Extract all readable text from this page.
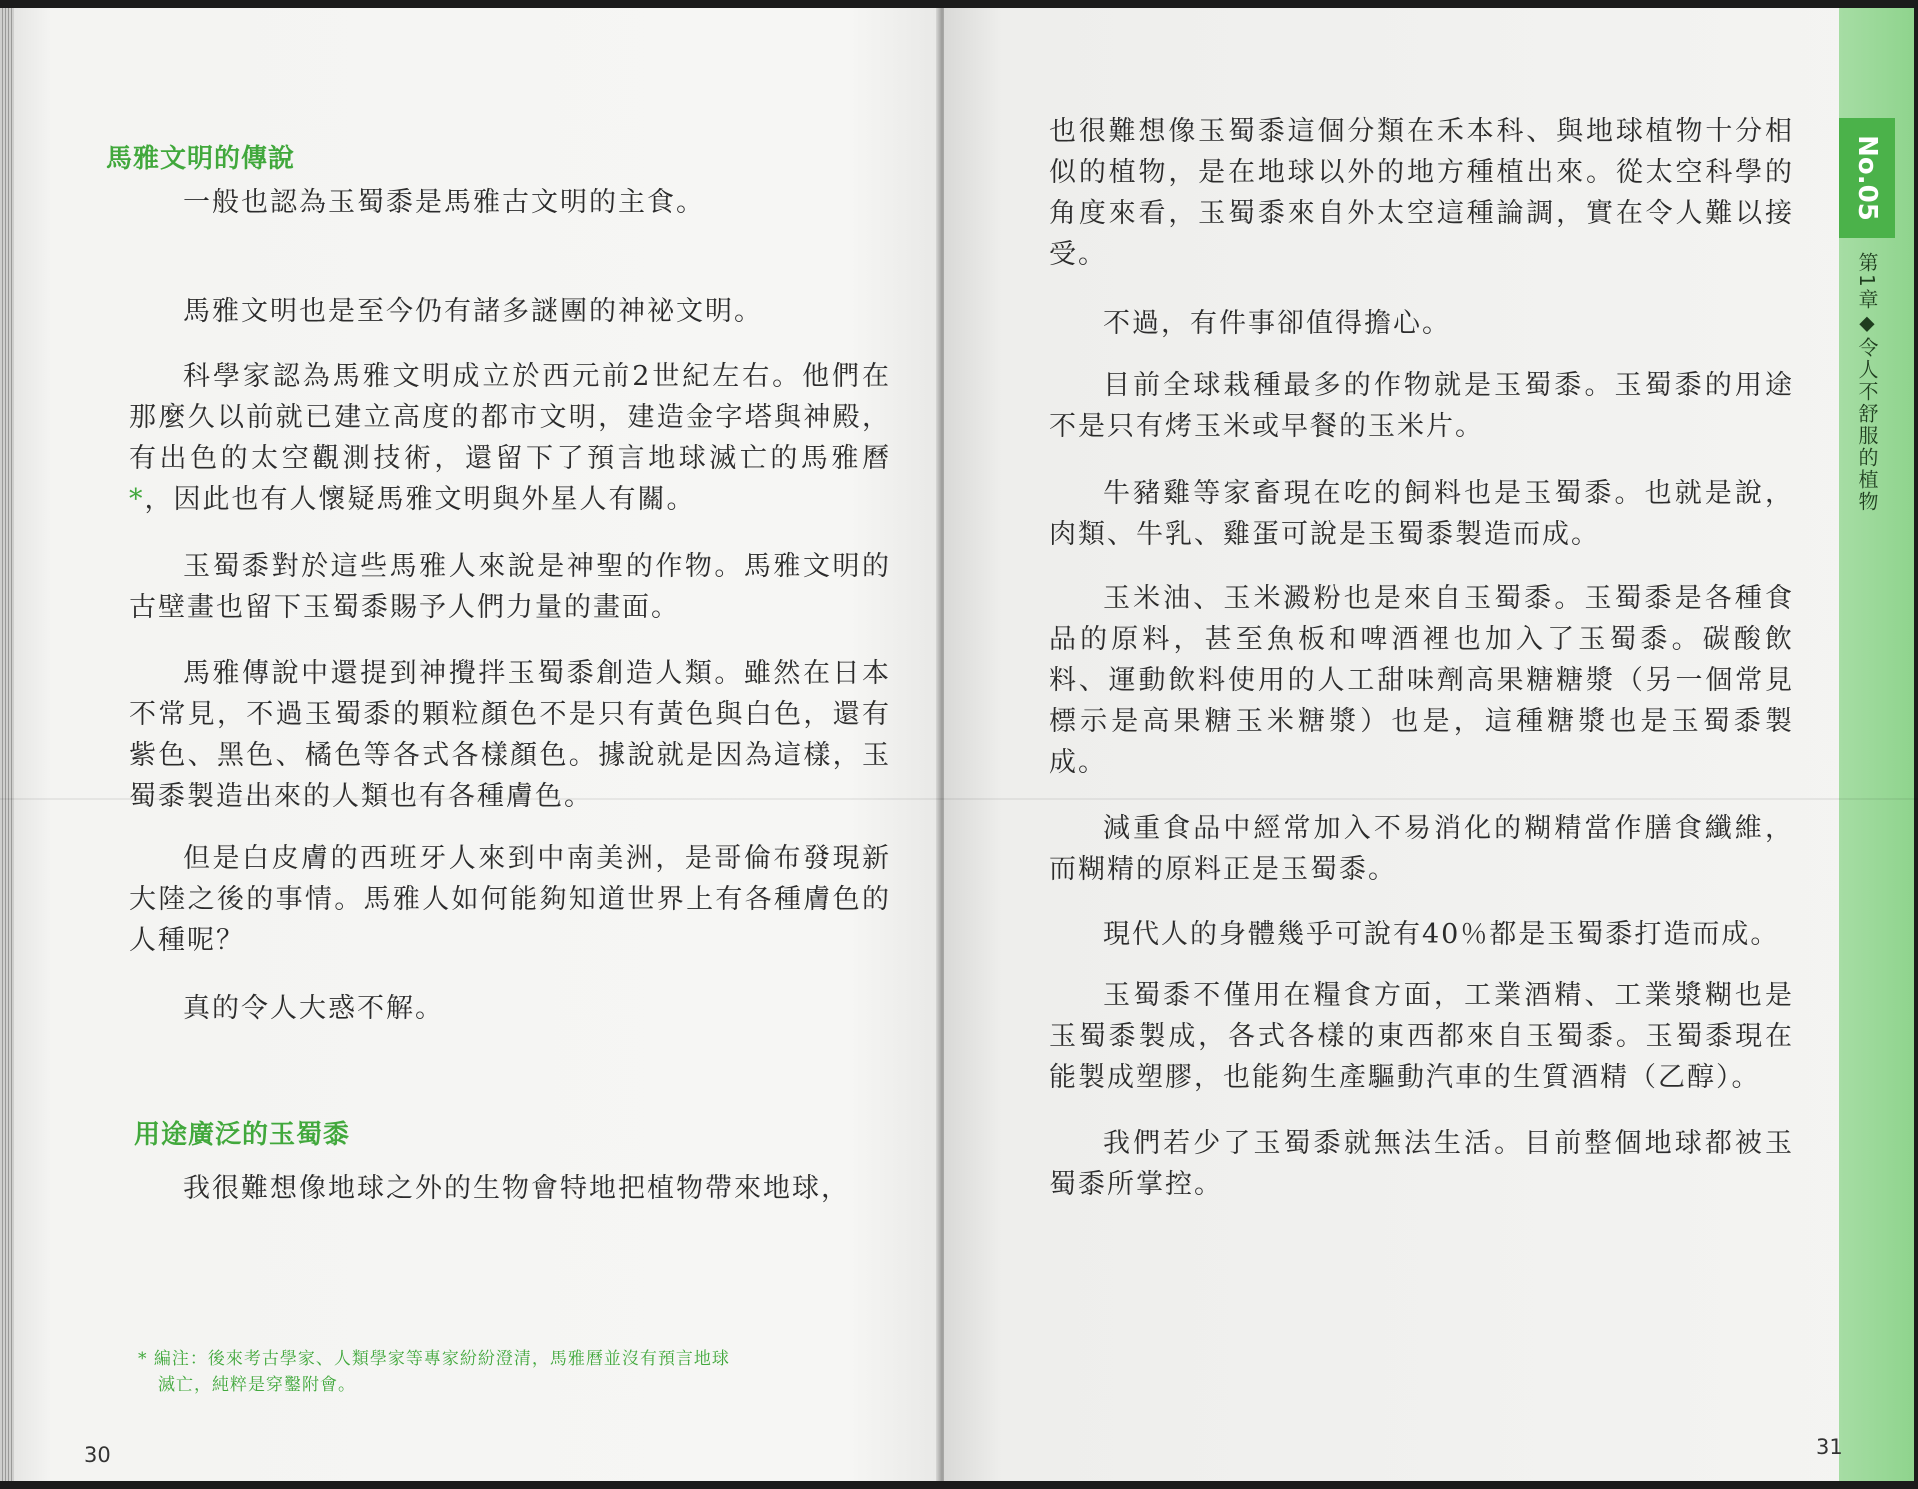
馬雅文明的傳說

一般也認為玉蜀黍是馬雅古文明的主食。

馬雅文明也是至今仍有諸多謎團的神祕文明。

科學家認為馬雅文明成立於西元前2世紀左右。他們在那麼久以前就已建立高度的都市文明，建造金字塔與神殿，有出色的太空觀測技術，還留下了預言地球滅亡的馬雅曆*，因此也有人懷疑馬雅文明與外星人有關。

玉蜀黍對於這些馬雅人來說是神聖的作物。馬雅文明的古壁畫也留下玉蜀黍賜予人們力量的畫面。

馬雅傳說中還提到神攪拌玉蜀黍創造人類。雖然在日本不常見，不過玉蜀黍的顆粒顏色不是只有黃色與白色，還有紫色、黑色、橘色等各式各樣顏色。據說就是因為這樣，玉蜀黍製造出來的人類也有各種膚色。

但是白皮膚的西班牙人來到中南美洲，是哥倫布發現新大陸之後的事情。馬雅人如何能夠知道世界上有各種膚色的人種呢？

真的令人大惑不解。

用途廣泛的玉蜀黍

我很難想像地球之外的生物會特地把植物帶來地球，

* 編注：後來考古學家、人類學家等專家紛紛澄清，馬雅曆並沒有預言地球
滅亡，純粹是穿鑿附會。

30

也很難想像玉蜀黍這個分類在禾本科、與地球植物十分相似的植物，是在地球以外的地方種植出來。從太空科學的角度來看，玉蜀黍來自外太空這種論調，實在令人難以接受。

不過，有件事卻值得擔心。

目前全球栽種最多的作物就是玉蜀黍。玉蜀黍的用途不是只有烤玉米或早餐的玉米片。

牛豬雞等家畜現在吃的飼料也是玉蜀黍。也就是說，肉類、牛乳、雞蛋可說是玉蜀黍製造而成。

玉米油、玉米澱粉也是來自玉蜀黍。玉蜀黍是各種食品的原料，甚至魚板和啤酒裡也加入了玉蜀黍。碳酸飲料、運動飲料使用的人工甜味劑高果糖糖漿（另一個常見標示是高果糖玉米糖漿）也是，這種糖漿也是玉蜀黍製成。

減重食品中經常加入不易消化的糊精當作膳食纖維，而糊精的原料正是玉蜀黍。

現代人的身體幾乎可說有40％都是玉蜀黍打造而成。

玉蜀黍不僅用在糧食方面，工業酒精、工業漿糊也是玉蜀黍製成，各式各樣的東西都來自玉蜀黍。玉蜀黍現在能製成塑膠，也能夠生產驅動汽車的生質酒精（乙醇）。

我們若少了玉蜀黍就無法生活。目前整個地球都被玉蜀黍所掌控。

No.05
第1章◆令人不舒服的植物
31
